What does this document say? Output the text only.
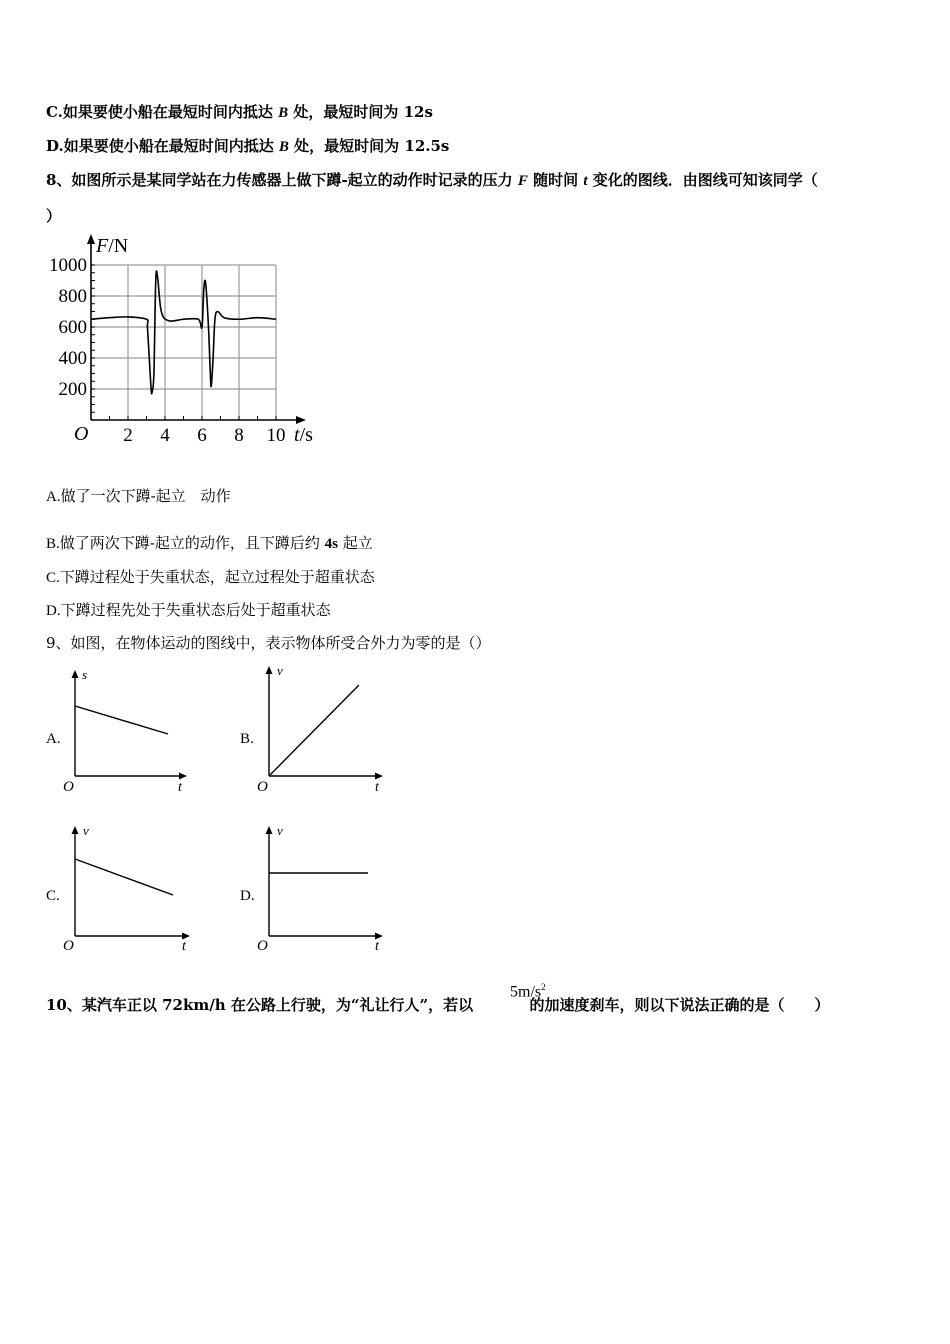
C.如果要使小船在最短时间内抵达 B 处，最短时间为 12s
D.如果要使小船在最短时间内抵达 B 处，最短时间为 12.5s
8、如图所示是某同学站在力传感器上做下蹲-起立的动作时记录的压力 F 随时间 t 变化的图线．由图线可知该同学（
）
2 4 6 8 10
200
400
600
800
1000
O
F/N
t/s
A.做了一次下蹲-起立　动作
B.做了两次下蹲-起立的动作，且下蹲后约 4s 起立
C.下蹲过程处于失重状态，起立过程处于超重状态
D.下蹲过程先处于失重状态后处于超重状态
9、如图，在物体运动的图线中，表示物体所受合外力为零的是（）
A.
s
t
O
B.
v
t
O
C.
v
t
O
D.
v
t
O
10、某汽车正以 72km/h 在公路上行驶，为“礼让行人”，若以	的加速度刹车，则以下说法正确的是（　　）
$5m/s^2$
